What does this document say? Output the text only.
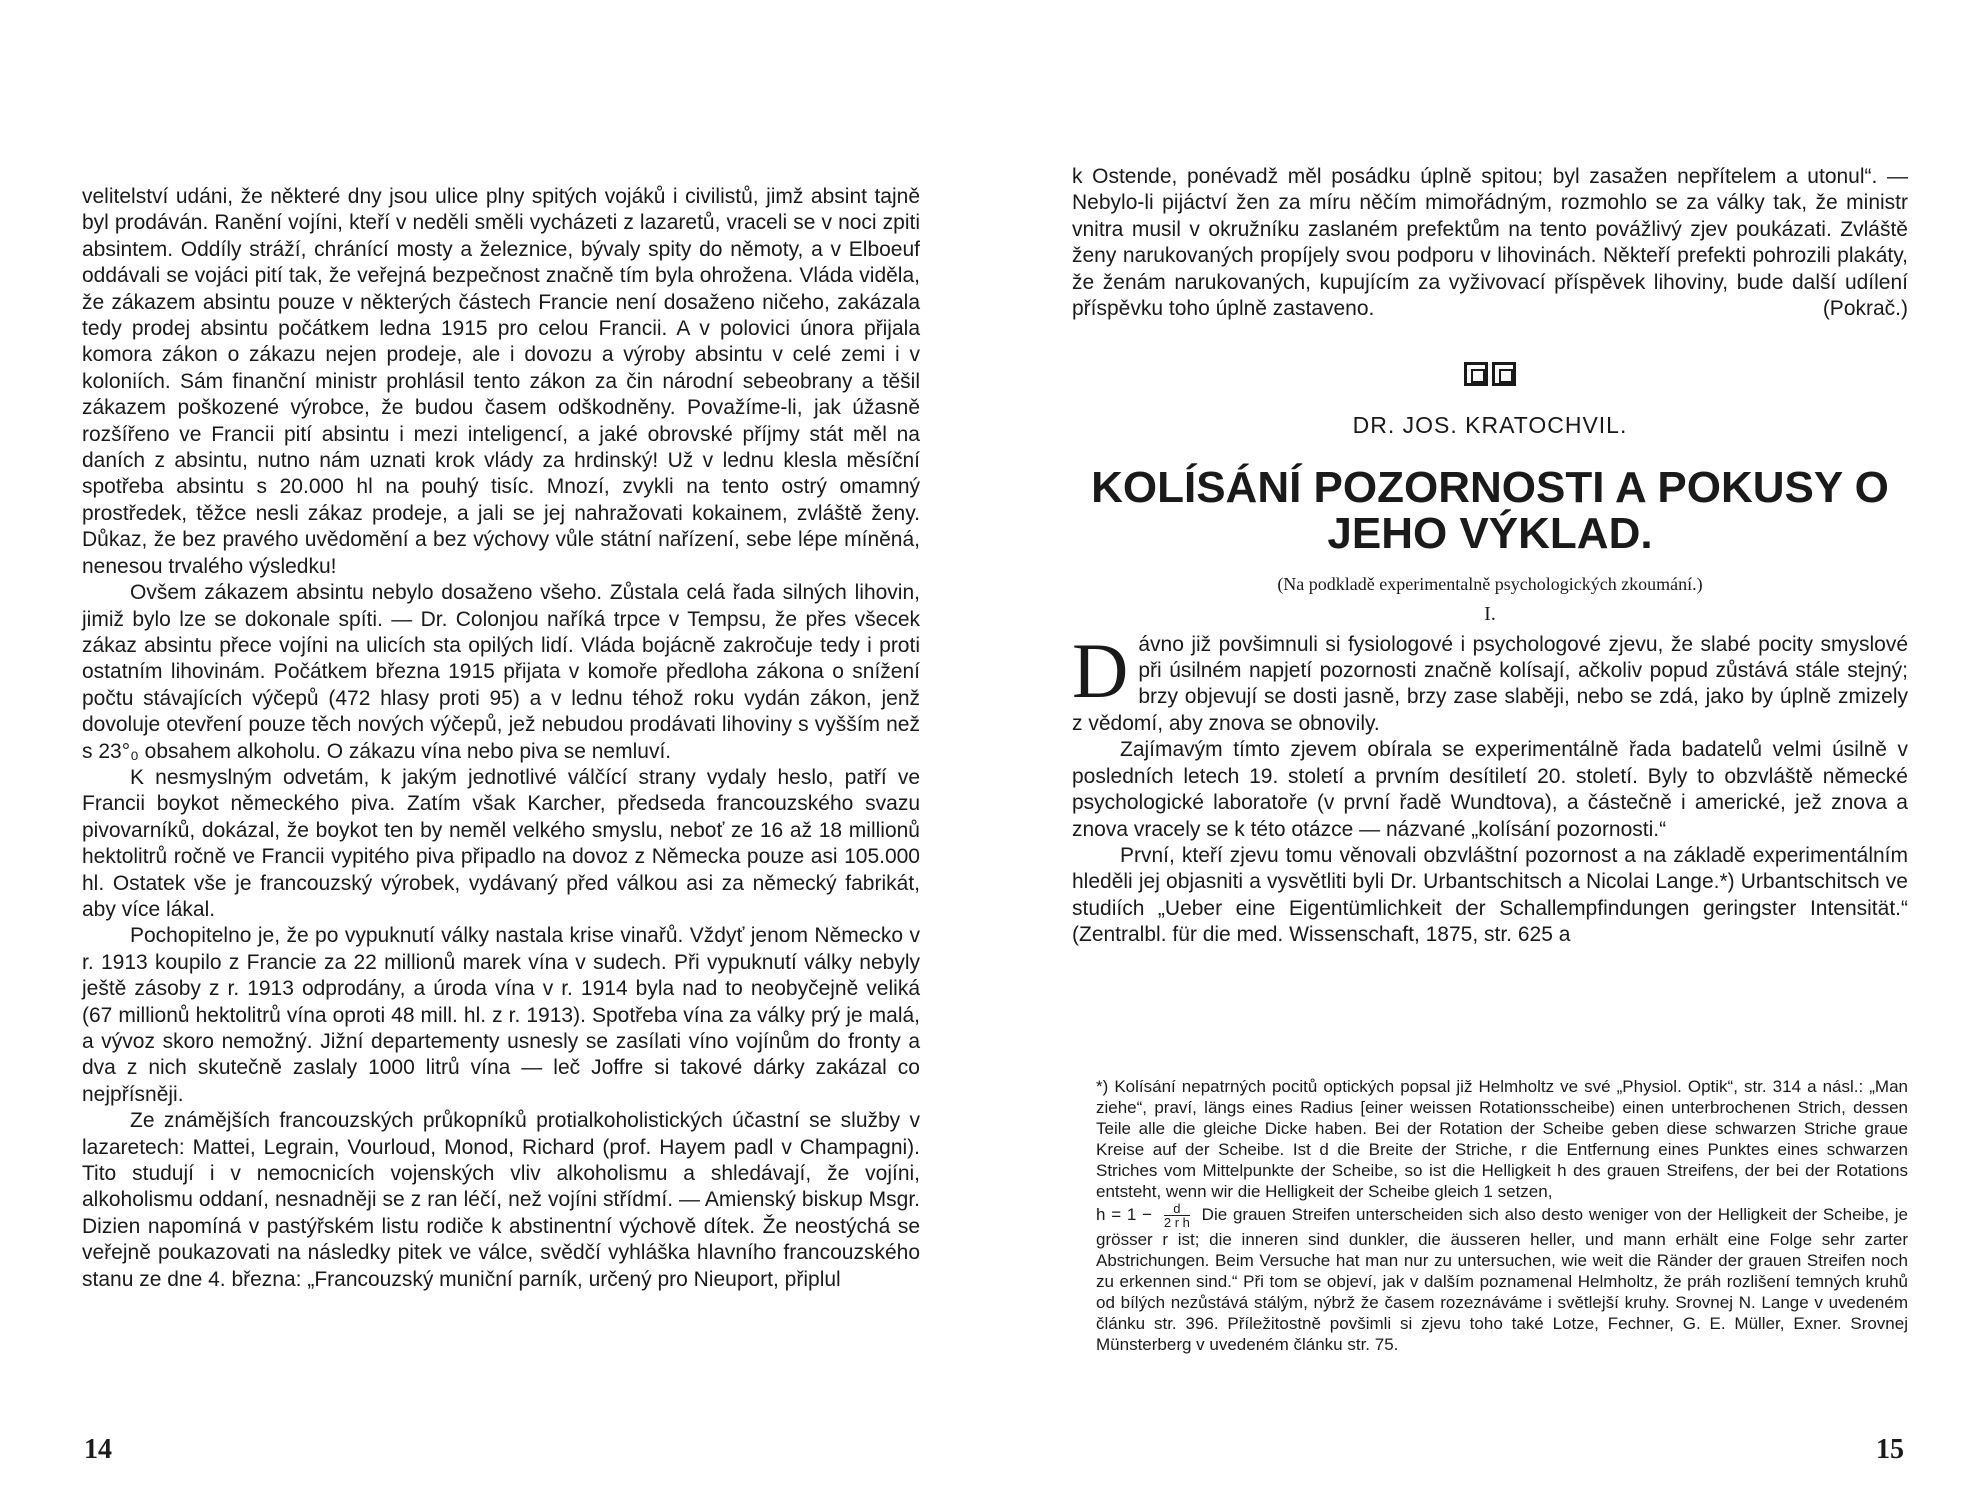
velitelství udáni, že některé dny jsou ulice plny spitých vojáků i civilistů, jimž absint tajně byl prodáván. Ranění vojíni, kteří v neděli směli vycházeti z lazaretů, vraceli se v noci zpiti absintem. Oddíly stráží, chránící mosty a železnice, bývaly spity do němoty, a v Elboeuf oddávali se vojáci pití tak, že veřejná bezpečnost značně tím byla ohrožena. Vláda viděla, že zákazem absintu pouze v některých částech Francie není dosaženo ničeho, zakázala tedy prodej absintu počátkem ledna 1915 pro celou Francii. A v polovici února přijala komora zákon o zákazu nejen prodeje, ale i dovozu a výroby absintu v celé zemi i v koloniích. Sám finanční ministr prohlásil tento zákon za čin národní sebeobrany a těšil zákazem poškozené výrobce, že budou časem odškodněny. Považíme-li, jak úžasně rozšířeno ve Francii pití absintu i mezi inteligencí, a jaké obrovské příjmy stát měl na daních z absintu, nutno nám uznati krok vlády za hrdinský! Už v lednu klesla měsíční spotřeba absintu s 20.000 hl na pouhý tisíc. Mnozí, zvykli na tento ostrý omamný prostředek, těžce nesli zákaz prodeje, a jali se jej nahražovati kokainem, zvláště ženy. Důkaz, že bez pravého uvědomění a bez výchovy vůle státní nařízení, sebe lépe míněná, nenesou trvalého výsledku!

Ovšem zákazem absintu nebylo dosaženo všeho. Zůstala celá řada silných lihovin, jimiž bylo lze se dokonale spíti. — Dr. Colonjou naříká trpce v Tempsu, že přes všecek zákaz absintu přece vojíni na ulicích sta opilých lidí. Vláda bojácně zakročuje tedy i proti ostatním lihovinám. Počátkem března 1915 přijata v komoře předloha zákona o snížení počtu stávajících výčepů (472 hlasy proti 95) a v lednu téhož roku vydán zákon, jenž dovoluje otevření pouze těch nových výčepů, jež nebudou prodávati lihoviny s vyšším než s 23°₀ obsahem alkoholu. O zákazu vína nebo piva se nemluví.

K nesmyslným odvetám, k jakým jednotlivé válčící strany vydaly heslo, patří ve Francii boykot německého piva. Zatím však Karcher, předseda francouzského svazu pivovarníků, dokázal, že boykot ten by neměl velkého smyslu, neboť ze 16 až 18 millionů hektolitrů ročně ve Francii vypitého piva připadlo na dovoz z Německa pouze asi 105.000 hl. Ostatek vše je francouzský výrobek, vydávaný před válkou asi za německý fabrikát, aby více lákal.

Pochopitelno je, že po vypuknutí války nastala krise vinařů. Vždyť jenom Německo v r. 1913 koupilo z Francie za 22 millionů marek vína v sudech. Při vypuknutí války nebyly ještě zásoby z r. 1913 odprodány, a úroda vína v r. 1914 byla nad to neobyčejně veliká (67 millionů hektolitrů vína oproti 48 mill. hl. z r. 1913). Spotřeba vína za války prý je malá, a vývoz skoro nemožný. Jižní departementy usnesly se zasílati víno vojínům do fronty a dva z nich skutečně zaslaly 1000 litrů vína — leč Joffre si takové dárky zakázal co nejpřísněji.

Ze známějších francouzských průkopníků protialkoholistických účastní se služby v lazaretech: Mattei, Legrain, Vourloud, Monod, Richard (prof. Hayem padl v Champagni). Tito studují i v nemocnicích vojenských vliv alkoholismu a shledávají, že vojíni, alkoholismu oddaní, nesnadněji se z ran léčí, než vojíni střídmí. — Amienský biskup Msgr. Dizien napomíná v pastýřském listu rodiče k abstinentní výchově dítek. Že neostýchá se veřejně poukazovati na následky pitek ve válce, svědčí vyhláška hlavního francouzského stanu ze dne 4. března: „Francouzský muniční parník, určený pro Nieuport, připlul

14

k Ostende, ponévadž měl posádku úplně spitou; byl zasažen nepřítelem a utonul“. — Nebylo-li pijáctví žen za míru něčím mimořádným, rozmohlo se za války tak, že ministr vnitra musil v okružníku zaslaném prefektům na tento povážlivý zjev poukázati. Zvláště ženy narukovaných propíjely svou podporu v lihovinách. Někteří prefekti pohrozili plakáty, že ženám narukovaných, kupujícím za vyživovací příspěvek lihoviny, bude další udílení příspěvku toho úplně zastaveno.	(Pokrač.)

DR. JOS. KRATOCHVIL.
KOLÍSÁNÍ POZORNOSTI A POKUSY O JEHO VÝKLAD.
(Na podkladě experimentalně psychologických zkoumání.)
I.

D ávno již povšimnuli si fysiologové i psychologové zjevu, že slabé pocity smyslové při úsilném napjetí pozornosti značně kolísají, ačkoliv popud zůstává stále stejný; brzy objevují se dosti jasně, brzy zase slaběji, nebo se zdá, jako by úplně zmizely z vědomí, aby znova se obnovily.

Zajímavým tímto zjevem obírala se experimentálně řada badatelů velmi úsilně v posledních letech 19. století a prvním desítiletí 20. století. Byly to obzvláště německé psychologické laboratoře (v první řadě Wundtova), a částečně i americké, jež znova a znova vracely se k této otázce — názvané „kolísání pozornosti.“

První, kteří zjevu tomu věnovali obzvláštní pozornost a na základě experimentálním hleděli jej objasniti a vysvětliti byli Dr. Urbantschitsch a Nicolai Lange.*) Urbantschitsch ve studiích „Ueber eine Eigentümlichkeit der Schallempfindungen geringster Intensität.“ (Zentralbl. für die med. Wissenschaft, 1875, str. 625 a

*) Kolísání nepatrných pocitů optických popsal již Helmholtz ve své „Physiol. Optik“, str. 314 a násl.: „Man ziehe“, praví, längs eines Radius [einer weissen Rotationsscheibe) einen unterbrochenen Strich, dessen Teile alle die gleiche Dicke haben. Bei der Rotation der Scheibe geben diese schwarzen Striche graue Kreise auf der Scheibe. Ist d die Breite der Striche, r die Entfernung eines Punktes eines schwarzen Striches vom Mittelpunkte der Scheibe, so ist die Helligkeit h des grauen Streifens, der bei der Rotations entsteht, wenn wir die Helligkeit der Scheibe gleich 1 setzen,

$h = 1 - \frac{d}{\text{2 r h}}$ Die grauen Streifen unterscheiden sich also desto weniger von der Helligkeit der Scheibe, je grösser r ist; die inneren sind dunkler, die äusseren heller, und mann erhält eine Folge sehr zarter Abstrichungen. Beim Versuche hat man nur zu untersuchen, wie weit die Ränder der grauen Streifen noch zu erkennen sind.“ Při tom se objeví, jak v dalším poznamenal Helmholtz, že práh rozlišení temných kruhů od bílých nezůstává stálým, nýbrž že časem rozeznáváme i světlejší kruhy. Srovnej N. Lange v uvedeném článku str. 396. Příležitostně povšimli si zjevu toho také Lotze, Fechner, G. E. Müller, Exner. Srovnej Münsterberg v uvedeném článku str. 75.

15
